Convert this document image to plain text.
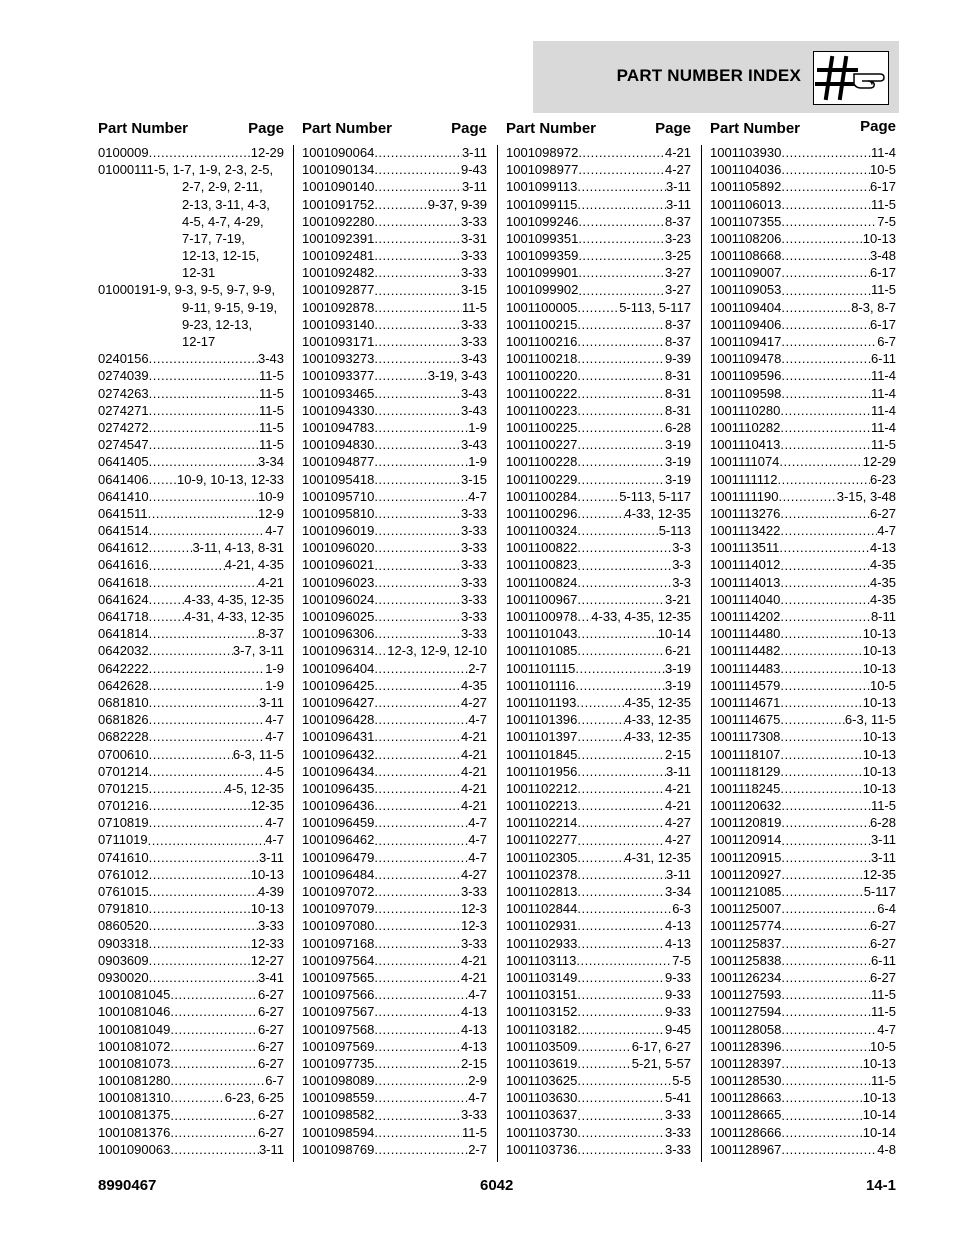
PART NUMBER INDEX
Part Number	Page
0100009 .....	12-29
01000111-5, 1-7, 1-9, 2-3, 2-5,
2-7, 2-9, 2-11,
2-13, 3-11, 4-3,
4-5, 4-7, 4-29,
7-17, 7-19,
12-13, 12-15,
12-31
01000191-9, 9-3, 9-5, 9-7, 9-9,
9-11, 9-15, 9-19,
9-23, 12-13,
12-17
0240156 .....	3-43
0274039 .....	11-5
0274263 .....	11-5
0274271 .....	11-5
0274272 .....	11-5
0274547 .....	11-5
0641405 .....	3-34
0641406 ..... 10-9, 10-13, 12-33
0641410 .....	10-9
0641511 .....	12-9
0641514 .....	4-7
0641612 .....	3-11, 4-13, 8-31
0641616 .....	4-21, 4-35
0641618 .....	4-21
0641624 .....	4-33, 4-35, 12-35
0641718 .....	4-31, 4-33, 12-35
0641814 .....	8-37
0642032 .....	3-7, 3-11
0642222 .....	1-9
0642628 .....	1-9
0681810 .....	3-11
0681826 .....	4-7
0682228 .....	4-7
0700610 .....	6-3, 11-5
0701214 .....	4-5
0701215 .....	4-5, 12-35
0701216 .....	12-35
0710819 .....	4-7
0711019 .....	4-7
0741610 .....	3-11
0761012 .....	10-13
0761015 .....	4-39
0791810 .....	10-13
0860520 .....	3-33
0903318 .....	12-33
0903609 .....	12-27
0930020 .....	3-41
1001081045 .....	6-27
1001081046 .....	6-27
1001081049 .....	6-27
1001081072 .....	6-27
1001081073 .....	6-27
1001081280 .....	6-7
1001081310 .....	6-23, 6-25
1001081375 .....	6-27
1001081376 .....	6-27
1001090063 .....	3-11
Part Number	Page
1001090064 .....	3-11
1001090134 .....	9-43
1001090140 .....	3-11
1001091752 .....	9-37, 9-39
1001092280 .....	3-33
1001092391 .....	3-31
1001092481 .....	3-33
1001092482 .....	3-33
1001092877 .....	3-15
1001092878 .....	11-5
1001093140 .....	3-33
1001093171 .....	3-33
1001093273 .....	3-43
1001093377 .....	3-19, 3-43
1001093465 .....	3-43
1001094330 .....	3-43
1001094783 .....	1-9
1001094830 .....	3-43
1001094877 .....	1-9
1001095418 .....	3-15
1001095710 .....	4-7
1001095810 .....	3-33
1001096019 .....	3-33
1001096020 .....	3-33
1001096021 .....	3-33
1001096023 .....	3-33
1001096024 .....	3-33
1001096025 .....	3-33
1001096306 .....	3-33
1001096314 ..... 12-3, 12-9, 12-10
1001096404 .....	2-7
1001096425 .....	4-35
1001096427 .....	4-27
1001096428 .....	4-7
1001096431 .....	4-21
1001096432 .....	4-21
1001096434 .....	4-21
1001096435 .....	4-21
1001096436 .....	4-21
1001096459 .....	4-7
1001096462 .....	4-7
1001096479 .....	4-7
1001096484 .....	4-27
1001097072 .....	3-33
1001097079 .....	12-3
1001097080 .....	12-3
1001097168 .....	3-33
1001097564 .....	4-21
1001097565 .....	4-21
1001097566 .....	4-7
1001097567 .....	4-13
1001097568 .....	4-13
1001097569 .....	4-13
1001097735 .....	2-15
1001098089 .....	2-9
1001098559 .....	4-7
1001098582 .....	3-33
1001098594 .....	11-5
1001098769 .....	2-7
Part Number	Page
1001098972 .....	4-21
1001098977 .....	4-27
1001099113 .....	3-11
1001099115 .....	3-11
1001099246 .....	8-37
1001099351 .....	3-23
1001099359 .....	3-25
1001099901 .....	3-27
1001099902 .....	3-27
1001100005 .....	5-113, 5-117
1001100215 .....	8-37
1001100216 .....	8-37
1001100218 .....	9-39
1001100220 .....	8-31
1001100222 .....	8-31
1001100223 .....	8-31
1001100225 .....	6-28
1001100227 .....	3-19
1001100228 .....	3-19
1001100229 .....	3-19
1001100284 .....	5-113, 5-117
1001100296 .....	4-33, 12-35
1001100324 .....	5-113
1001100822 .....	3-3
1001100823 .....	3-3
1001100824 .....	3-3
1001100967 .....	3-21
1001100978 ..... 4-33, 4-35, 12-35
1001101043 .....	10-14
1001101085 .....	6-21
1001101115 .....	3-19
1001101116 .....	3-19
1001101193 .....	4-35, 12-35
1001101396 .....	4-33, 12-35
1001101397 .....	4-33, 12-35
1001101845 .....	2-15
1001101956 .....	3-11
1001102212 .....	4-21
1001102213 .....	4-21
1001102214 .....	4-27
1001102277 .....	4-27
1001102305 .....	4-31, 12-35
1001102378 .....	3-11
1001102813 .....	3-34
1001102844 .....	6-3
1001102931 .....	4-13
1001102933 .....	4-13
1001103113 .....	7-5
1001103149 .....	9-33
1001103151 .....	9-33
1001103152 .....	9-33
1001103182 .....	9-45
1001103509 .....	6-17, 6-27
1001103619 .....	5-21, 5-57
1001103625 .....	5-5
1001103630 .....	5-41
1001103637 .....	3-33
1001103730 .....	3-33
1001103736 .....	3-33
Part Number	Page
1001103930 .....	11-4
1001104036 .....	10-5
1001105892 .....	6-17
1001106013 .....	11-5
1001107355 .....	7-5
1001108206 .....	10-13
1001108668 .....	3-48
1001109007 .....	6-17
1001109053 .....	11-5
1001109404 .....	8-3, 8-7
1001109406 .....	6-17
1001109417 .....	6-7
1001109478 .....	6-11
1001109596 .....	11-4
1001109598 .....	11-4
1001110280 .....	11-4
1001110282 .....	11-4
1001110413 .....	11-5
1001111074 .....	12-29
1001111112 .....	6-23
1001111190 .....	3-15, 3-48
1001113276 .....	6-27
1001113422 .....	4-7
1001113511 .....	4-13
1001114012 .....	4-35
1001114013 .....	4-35
1001114040 .....	4-35
1001114202 .....	8-11
1001114480 .....	10-13
1001114482 .....	10-13
1001114483 .....	10-13
1001114579 .....	10-5
1001114671 .....	10-13
1001114675 .....	6-3, 11-5
1001117308 .....	10-13
1001118107 .....	10-13
1001118129 .....	10-13
1001118245 .....	10-13
1001120632 .....	11-5
1001120819 .....	6-28
1001120914 .....	3-11
1001120915 .....	3-11
1001120927 .....	12-35
1001121085 .....	5-117
1001125007 .....	6-4
1001125774 .....	6-27
1001125837 .....	6-27
1001125838 .....	6-11
1001126234 .....	6-27
1001127593 .....	11-5
1001127594 .....	11-5
1001128058 .....	4-7
1001128396 .....	10-5
1001128397 .....	10-13
1001128530 .....	11-5
1001128663 .....	10-13
1001128665 .....	10-14
1001128666 .....	10-14
1001128967 .....	4-8
8990467	6042	14-1
